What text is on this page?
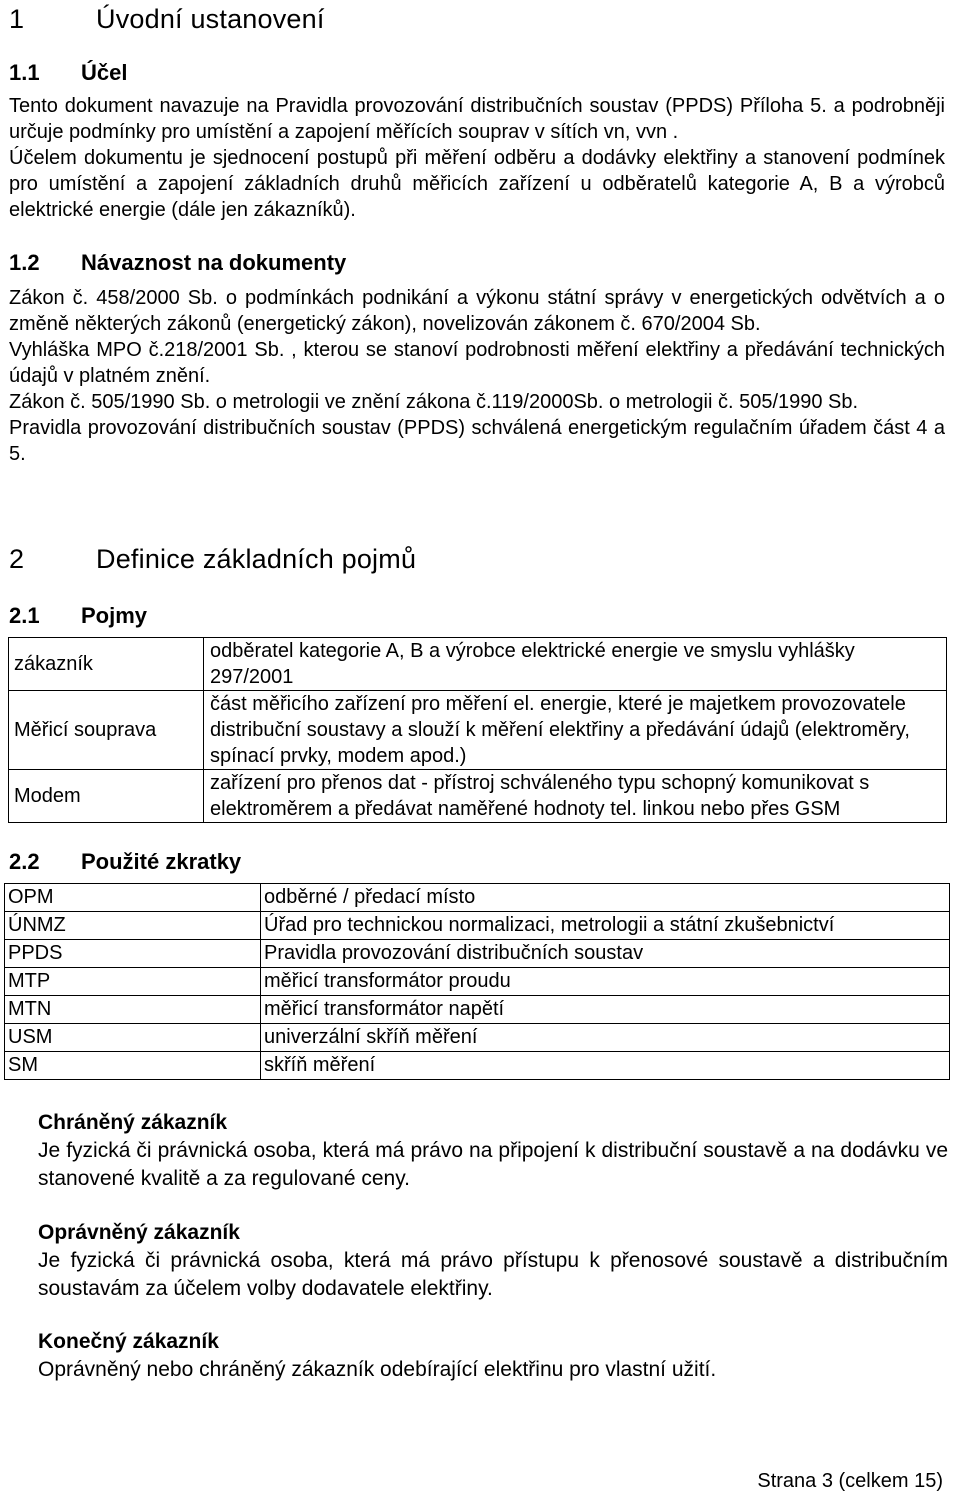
1	Úvodní ustanovení
1.1 Účel

Tento dokument navazuje na Pravidla provozování distribučních soustav (PPDS) Příloha 5. a podrobněji určuje podmínky pro umístění a zapojení měřících souprav v sítích vn, vvn .

Účelem dokumentu je sjednocení postupů při měření odběru a dodávky elektřiny a stanovení podmínek pro umístění a zapojení základních druhů měřicích zařízení u odběratelů kategorie A, B a výrobců elektrické energie (dále jen zákazníků).

1.2 Návaznost na dokumenty

Zákon č. 458/2000 Sb. o podmínkách podnikání a výkonu státní správy v energetických odvětvích a o změně některých zákonů (energetický zákon), novelizován zákonem č. 670/2004 Sb.

Vyhláška MPO č.218/2001 Sb. , kterou se stanoví podrobnosti měření elektřiny a předávání technických údajů v platném znění.

Zákon č. 505/1990 Sb. o metrologii ve znění zákona č.119/2000Sb. o metrologii č. 505/1990 Sb.

Pravidla provozování distribučních soustav (PPDS) schválená energetickým regulačním úřadem část 4 a 5.

2	Definice základních pojmů
2.1 Pojmy
zákazník	odběratel kategorie A, B a výrobce elektrické energie ve smyslu vyhlášky 297/2001
Měřicí souprava	část měřicího zařízení pro měření el. energie, které je majetkem provozovatele distribuční soustavy a slouží k měření elektřiny a předávání údajů (elektroměry, spínací prvky, modem apod.)
Modem	zařízení pro přenos dat - přístroj schváleného typu schopný komunikovat s elektroměrem a předávat naměřené hodnoty tel. linkou nebo přes GSM
2.2 Použité zkratky
OPM	odběrné / předací místo
ÚNMZ	Úřad pro technickou normalizaci, metrologii a státní zkušebnictví
PPDS	Pravidla provozování distribučních soustav
MTP	měřicí transformátor proudu
MTN	měřicí transformátor napětí
USM	univerzální skříň měření
SM	skříň měření
Chráněný zákazník

Je fyzická či právnická osoba, která má právo na připojení k distribuční soustavě a na dodávku ve stanovené kvalitě a za regulované ceny.

Oprávněný zákazník

Je fyzická či právnická osoba, která má právo přístupu k přenosové soustavě a distribučním soustavám za účelem volby dodavatele elektřiny.

Konečný zákazník

Oprávněný nebo chráněný zákazník odebírající elektřinu pro vlastní užití.

Strana 3 (celkem 15)
